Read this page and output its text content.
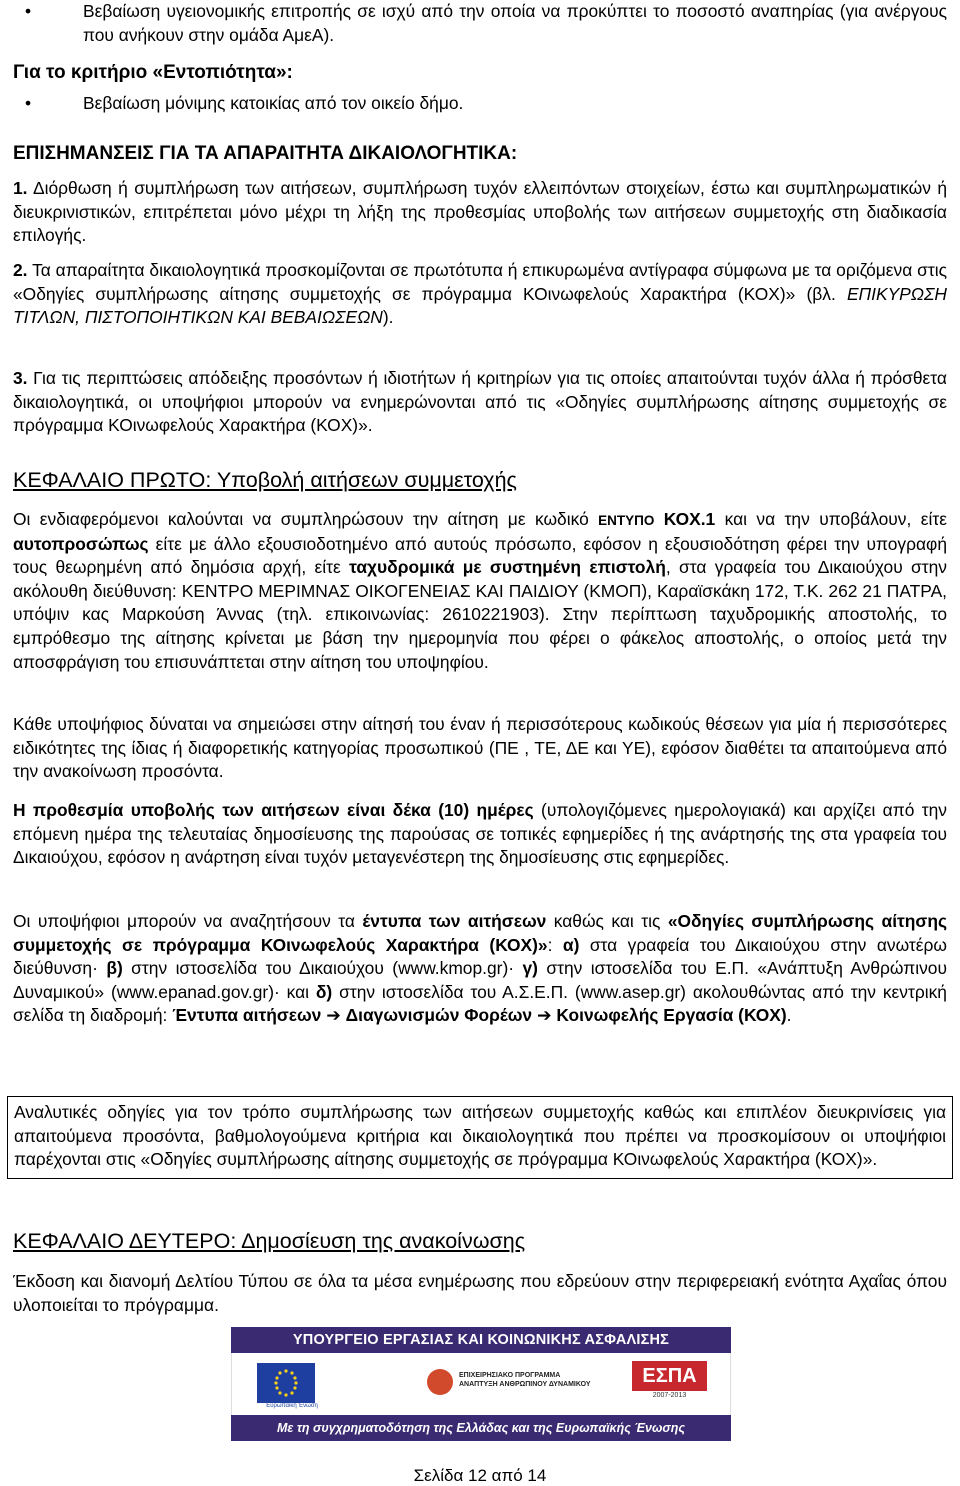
•	Βεβαίωση υγειονομικής επιτροπής σε ισχύ από την οποία να προκύπτει το ποσοστό αναπηρίας (για ανέργους που ανήκουν στην ομάδα ΑμεΑ).

Για το κριτήριο «Εντοπιότητα»:

•	Βεβαίωση μόνιμης κατοικίας από τον οικείο δήμο.

ΕΠΙΣΗΜΑΝΣΕΙΣ ΓΙΑ ΤΑ ΑΠΑΡΑΙΤΗΤΑ ΔΙΚΑΙΟΛΟΓΗΤΙΚΑ:

1. Διόρθωση ή συμπλήρωση των αιτήσεων, συμπλήρωση τυχόν ελλειπόντων στοιχείων, έστω και συμπληρωματικών ή διευκρινιστικών, επιτρέπεται μόνο μέχρι τη λήξη της προθεσμίας υποβολής των αιτήσεων συμμετοχής στη διαδικασία επιλογής.

2. Τα απαραίτητα δικαιολογητικά προσκομίζονται σε πρωτότυπα ή επικυρωμένα αντίγραφα σύμφωνα με τα οριζόμενα στις «Οδηγίες συμπλήρωσης αίτησης συμμετοχής σε πρόγραμμα ΚΟινωφελούς Χαρακτήρα (ΚΟΧ)» (βλ. ΕΠΙΚΥΡΩΣΗ ΤΙΤΛΩΝ, ΠΙΣΤΟΠΟΙΗΤΙΚΩΝ ΚΑΙ ΒΕΒΑΙΩΣΕΩΝ).

3. Για τις περιπτώσεις απόδειξης προσόντων ή ιδιοτήτων ή κριτηρίων για τις οποίες απαιτούνται τυχόν άλλα ή πρόσθετα δικαιολογητικά, οι υποψήφιοι μπορούν να ενημερώνονται από τις «Οδηγίες συμπλήρωσης αίτησης συμμετοχής σε πρόγραμμα ΚΟινωφελούς Χαρακτήρα (ΚΟΧ)».

ΚΕΦΑΛΑΙΟ ΠΡΩΤΟ: Υποβολή αιτήσεων συμμετοχής

Οι ενδιαφερόμενοι καλούνται να συμπληρώσουν την αίτηση με κωδικό ΕΝΤΥΠΟ ΚΟΧ.1 και να την υποβάλουν, είτε αυτοπροσώπως είτε με άλλο εξουσιοδοτημένο από αυτούς πρόσωπο, εφόσον η εξουσιοδότηση φέρει την υπογραφή τους θεωρημένη από δημόσια αρχή, είτε ταχυδρομικά με συστημένη επιστολή, στα γραφεία του Δικαιούχου στην ακόλουθη διεύθυνση: ΚΕΝΤΡΟ ΜΕΡΙΜΝΑΣ ΟΙΚΟΓΕΝΕΙΑΣ ΚΑΙ ΠΑΙΔΙΟΥ (ΚΜΟΠ), Καραϊσκάκη 172, Τ.Κ. 262 21 ΠΑΤΡΑ, υπόψιν κας Μαρκούση Άννας (τηλ. επικοινωνίας: 2610221903). Στην περίπτωση ταχυδρομικής αποστολής, το εμπρόθεσμο της αίτησης κρίνεται με βάση την ημερομηνία που φέρει ο φάκελος αποστολής, ο οποίος μετά την αποσφράγιση του επισυνάπτεται στην αίτηση του υποψηφίου.

Κάθε υποψήφιος δύναται να σημειώσει στην αίτησή του έναν ή περισσότερους κωδικούς θέσεων για μία ή περισσότερες ειδικότητες της ίδιας ή διαφορετικής κατηγορίας προσωπικού (ΠΕ , ΤΕ, ΔΕ και ΥΕ), εφόσον διαθέτει τα απαιτούμενα από την ανακοίνωση προσόντα.

Η προθεσμία υποβολής των αιτήσεων είναι δέκα (10) ημέρες (υπολογιζόμενες ημερολογιακά) και αρχίζει από την επόμενη ημέρα της τελευταίας δημοσίευσης της παρούσας σε τοπικές εφημερίδες ή της ανάρτησής της στα γραφεία του Δικαιούχου, εφόσον η ανάρτηση είναι τυχόν μεταγενέστερη της δημοσίευσης στις εφημερίδες.

Οι υποψήφιοι μπορούν να αναζητήσουν τα έντυπα των αιτήσεων καθώς και τις «Οδηγίες συμπλήρωσης αίτησης συμμετοχής σε πρόγραμμα ΚΟινωφελούς Χαρακτήρα (ΚΟΧ)»: α) στα γραφεία του Δικαιούχου στην ανωτέρω διεύθυνση· β) στην ιστοσελίδα του Δικαιούχου (www.kmop.gr)· γ) στην ιστοσελίδα του Ε.Π. «Ανάπτυξη Ανθρώπινου Δυναμικού» (www.epanad.gov.gr)· και δ) στην ιστοσελίδα του Α.Σ.Ε.Π. (www.asep.gr) ακολουθώντας από την κεντρική σελίδα τη διαδρομή: Έντυπα αιτήσεων ➔ Διαγωνισμών Φορέων ➔ Κοινωφελής Εργασία (ΚΟΧ).

Αναλυτικές οδηγίες για τον τρόπο συμπλήρωσης των αιτήσεων συμμετοχής καθώς και επιπλέον διευκρινίσεις για απαιτούμενα προσόντα, βαθμολογούμενα κριτήρια και δικαιολογητικά που πρέπει να προσκομίσουν οι υποψήφιοι παρέχονται στις «Οδηγίες συμπλήρωσης αίτησης συμμετοχής σε πρόγραμμα ΚΟινωφελούς Χαρακτήρα (ΚΟΧ)».

ΚΕΦΑΛΑΙΟ ΔΕΥΤΕΡΟ: Δημοσίευση της ανακοίνωσης

Έκδοση και διανομή Δελτίου Τύπου σε όλα τα μέσα ενημέρωσης που εδρεύουν στην περιφερειακή ενότητα Αχαΐας όπου υλοποιείται το πρόγραμμα.

ΥΠΟΥΡΓΕΙΟ ΕΡΓΑΣΙΑΣ ΚΑΙ ΚΟΙΝΩΝΙΚΗΣ ΑΣΦΑΛΙΣΗΣ
Ευρωπαϊκή Ένωση
ΕΠΙΧΕΙΡΗΣΙΑΚΟ ΠΡΟΓΡΑΜΜΑ
ΑΝΑΠΤΥΞΗ ΑΝΘΡΩΠΙΝΟΥ ΔΥΝΑΜΙΚΟΥ	ΕΣΠΑ
2007-2013
Με τη συγχρηματοδότηση της Ελλάδας και της Ευρωπαϊκής Ένωσης
Σελίδα 12 από 14
